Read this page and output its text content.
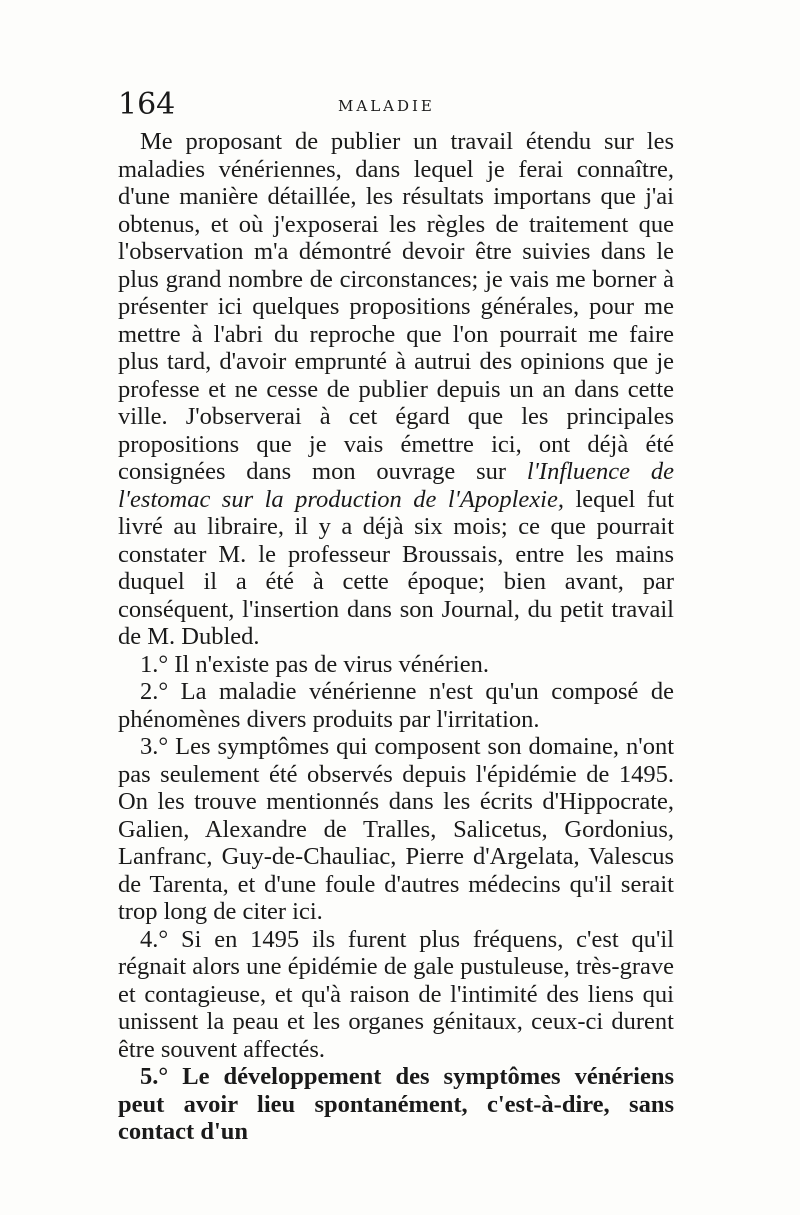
164	MALADIE

Me proposant de publier un travail étendu sur les maladies vénériennes, dans lequel je ferai connaître, d'une manière détaillée, les résultats importans que j'ai obtenus, et où j'exposerai les règles de traitement que l'observation m'a démontré devoir être suivies dans le plus grand nombre de circonstances; je vais me borner à présenter ici quelques propositions générales, pour me mettre à l'abri du reproche que l'on pourrait me faire plus tard, d'avoir emprunté à autrui des opinions que je professe et ne cesse de publier depuis un an dans cette ville. J'observerai à cet égard que les principales propositions que je vais émettre ici, ont déjà été consignées dans mon ouvrage sur l'Influence de l'estomac sur la production de l'Apoplexie, lequel fut livré au libraire, il y a déjà six mois; ce que pourrait constater M. le professeur Broussais, entre les mains duquel il a été à cette époque; bien avant, par conséquent, l'insertion dans son Journal, du petit travail de M. Dubled.

1.° Il n'existe pas de virus vénérien.

2.° La maladie vénérienne n'est qu'un composé de phénomènes divers produits par l'irritation.

3.° Les symptômes qui composent son domaine, n'ont pas seulement été observés depuis l'épidémie de 1495. On les trouve mentionnés dans les écrits d'Hippocrate, Galien, Alexandre de Tralles, Salicetus, Gordonius, Lanfranc, Guy-de-Chauliac, Pierre d'Argelata, Valescus de Tarenta, et d'une foule d'autres médecins qu'il serait trop long de citer ici.

4.° Si en 1495 ils furent plus fréquens, c'est qu'il régnait alors une épidémie de gale pustuleuse, très-grave et contagieuse, et qu'à raison de l'intimité des liens qui unissent la peau et les organes génitaux, ceux-ci durent être souvent affectés.

5.° Le développement des symptômes vénériens peut avoir lieu spontanément, c'est-à-dire, sans contact d'un
